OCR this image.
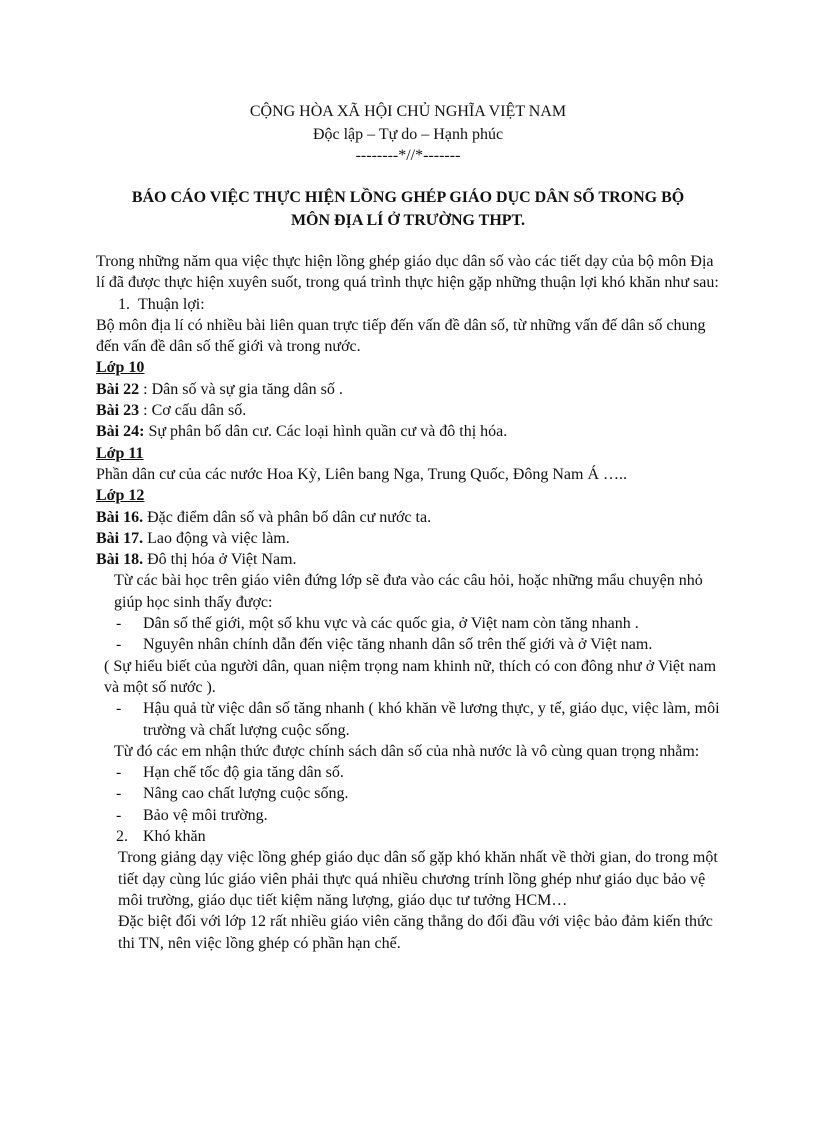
CỘNG HÒA XÃ HỘI CHỦ NGHĨA VIỆT NAM
Độc lập – Tự do – Hạnh phúc
--------*//*-------
BÁO CÁO VIỆC THỰC HIỆN LỒNG GHÉP GIÁO DỤC DÂN SỐ TRONG BỘ
MÔN ĐỊA LÍ Ở TRƯỜNG THPT.

Trong những năm qua việc thực hiện lồng ghép giáo dục dân số vào các tiết dạy của bộ môn Địa lí đã được thực hiện xuyên suốt, trong quá trình thực hiện gặp những thuận lợi khó khăn như sau:

1. Thuận lợi:

Bộ môn địa lí có nhiều bài liên quan trực tiếp đến vấn đề dân số, từ những vấn đế dân số chung đến vấn đề dân số thế giới và trong nước.

Lớp 10

Bài 22 : Dân số và sự gia tăng dân số .

Bài 23 : Cơ cấu dân số.

Bài 24: Sự phân bố dân cư. Các loại hình quần cư và đô thị hóa.

Lớp 11

Phần dân cư của các nước Hoa Kỳ, Liên bang Nga, Trung Quốc, Đông Nam Á …..

Lớp 12

Bài 16. Đặc điểm dân số và phân bố dân cư nước ta.

Bài 17. Lao động và việc làm.

Bài 18. Đô thị hóa ở Việt Nam.

Từ các bài học trên giáo viên đứng lớp sẽ đưa vào các câu hỏi, hoặc những mẩu chuyện nhỏ giúp học sinh thấy được:

-	Dân số thế giới, một số khu vực và các quốc gia, ở Việt nam còn tăng nhanh .
-	Nguyên nhân chính dẫn đến việc tăng nhanh dân số trên thế giới và ở Việt nam.

( Sự hiểu biết của người dân, quan niệm trọng nam khinh nữ, thích có con đông như ở Việt nam và một số nước ).

-	Hậu quả từ việc dân số tăng nhanh ( khó khăn về lương thực, y tế, giáo dục, việc làm, môi trường và chất lượng cuộc sống.

Từ đó các em nhận thức được chính sách dân số của nhà nước là vô cùng quan trọng nhằm:

-	Hạn chế tốc độ gia tăng dân số.
-	Nâng cao chất lượng cuộc sống.
-	Bảo vệ môi trường.
2. Khó khăn

Trong giảng dạy việc lồng ghép giáo dục dân số gặp khó khăn nhất về thời gian, do trong một tiết dạy cùng lúc giáo viên phải thực quá nhiều chương trính lồng ghép như giáo dục bảo vệ môi trường, giáo dục tiết kiệm năng lượng, giáo dục tư tưởng HCM…

Đặc biệt đối với lớp 12 rất nhiều giáo viên căng thẳng do đối đầu với việc bảo đảm kiến thức thi TN, nên việc lồng ghép có phần hạn chế.
